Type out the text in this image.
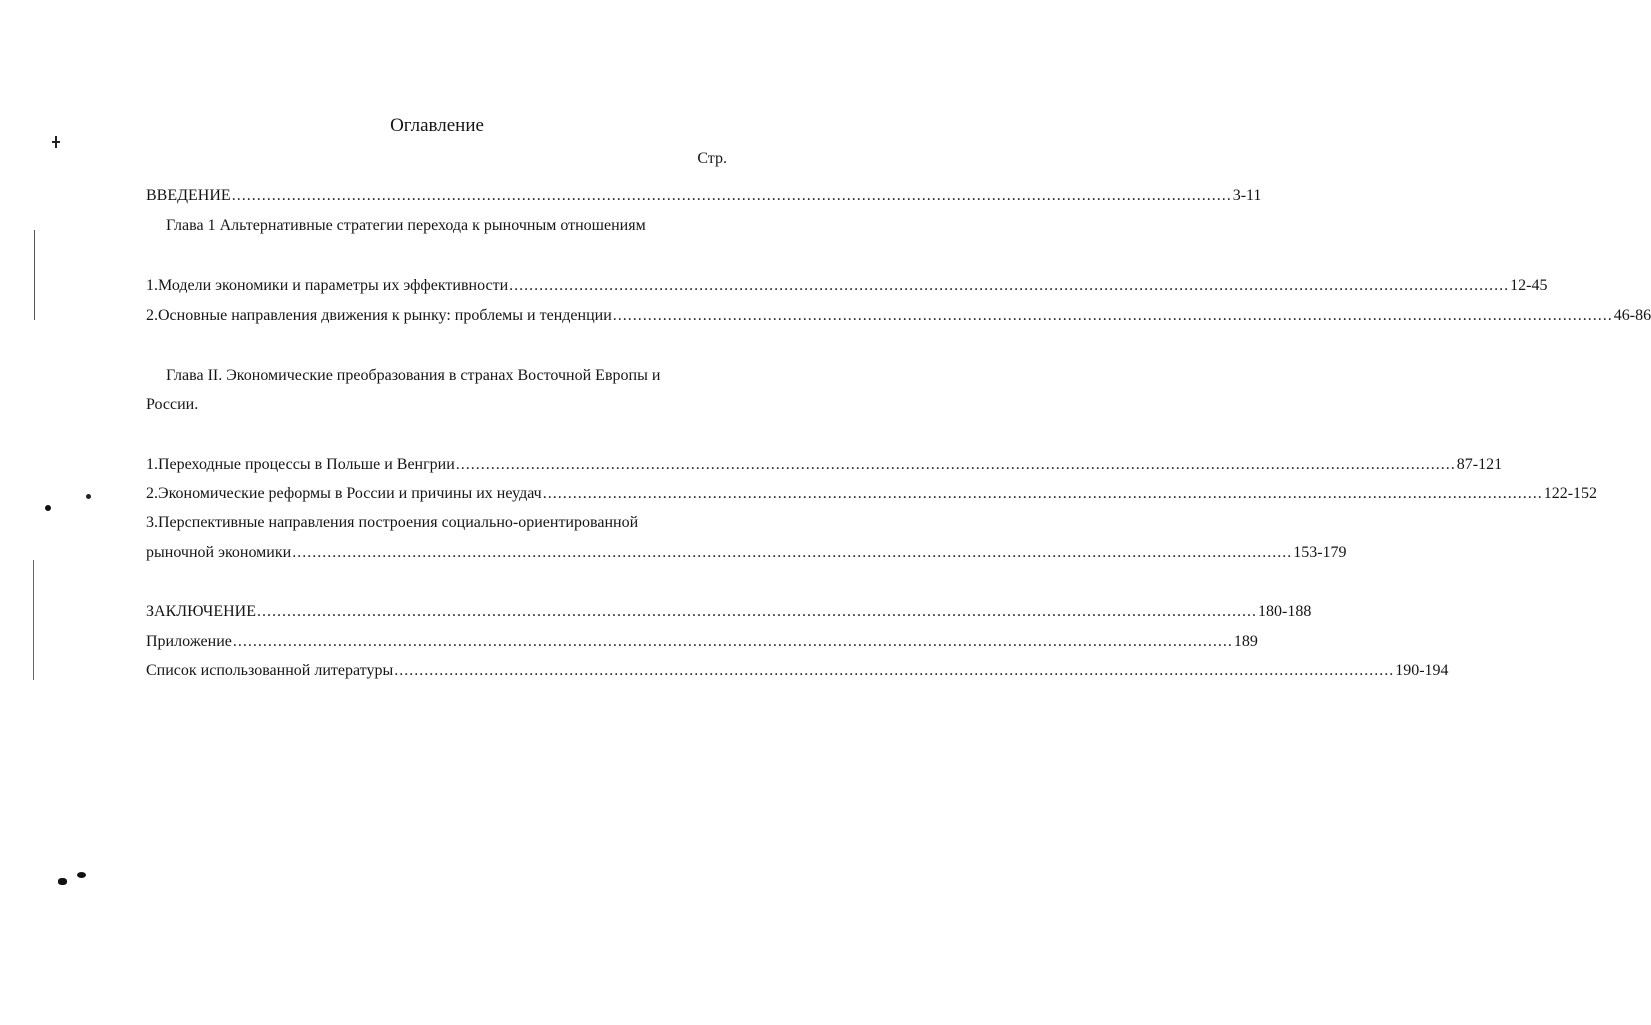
Оглавление
Стр.
ВВЕДЕНИЕ ........................................................................................................................................................................................................ 3-11
Глава 1 Альтернативные стратегии перехода к рыночным отношениям
1.Модели экономики и параметры их эффективности ........................................................................................................................................................................................................ 12-45
2.Основные направления движения к рынку: проблемы и тенденции ........................................................................................................................................................................................................ 46-86
Глава II. Экономические преобразования в странах Восточной Европы и
России.
1.Переходные процессы в Польше и Венгрии ........................................................................................................................................................................................................ 87-121
2.Экономические реформы в России и причины их неудач ........................................................................................................................................................................................................ 122-152
3.Перспективные направления построения социально-ориентированной
рыночной экономики ........................................................................................................................................................................................................ 153-179
ЗАКЛЮЧЕНИЕ ........................................................................................................................................................................................................ 180-188
Приложение ........................................................................................................................................................................................................ 189
Список использованной литературы ........................................................................................................................................................................................................ 190-194
